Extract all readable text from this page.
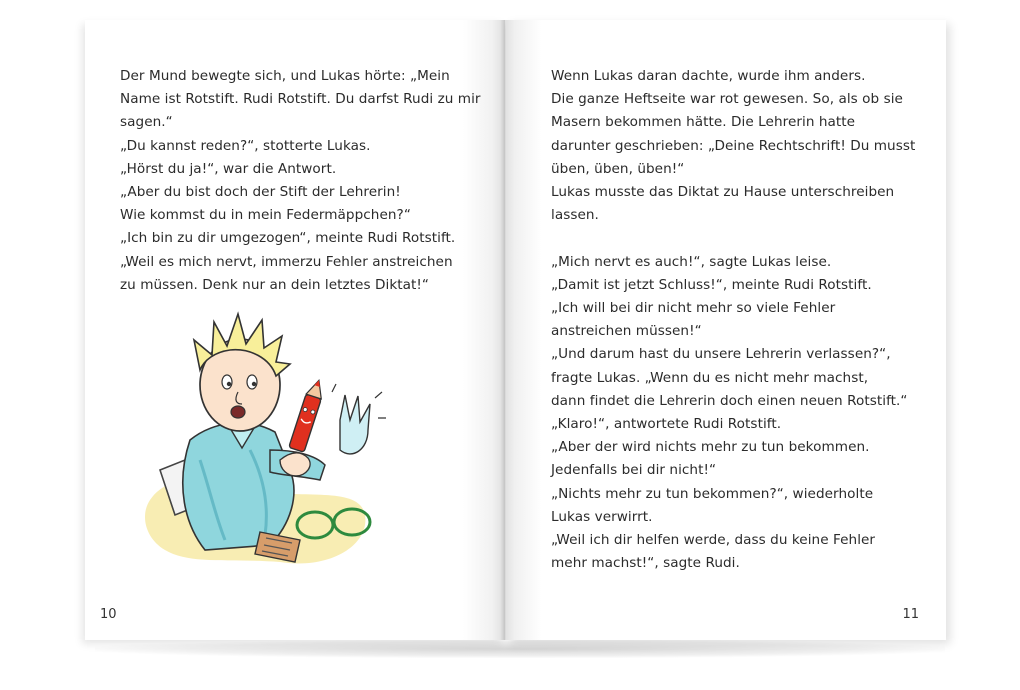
Der Mund bewegte sich, und Lukas hörte: „Mein
Name ist Rotstift. Rudi Rotstift. Du darfst Rudi zu mir
sagen.“
„Du kannst reden?“, stotterte Lukas.
„Hörst du ja!“, war die Antwort.
„Aber du bist doch der Stift der Lehrerin!
Wie kommst du in mein Federmäppchen?“
„Ich bin zu dir umgezogen“, meinte Rudi Rotstift.
„Weil es mich nervt, immerzu Fehler anstreichen
zu müssen. Denk nur an dein letztes Diktat!“
10
Wenn Lukas daran dachte, wurde ihm anders.
Die ganze Heftseite war rot gewesen. So, als ob sie
Masern bekommen hätte. Die Lehrerin hatte
darunter geschrieben: „Deine Rechtschrift! Du musst
üben, üben, üben!“
Lukas musste das Diktat zu Hause unterschreiben
lassen.
„Mich nervt es auch!“, sagte Lukas leise.
„Damit ist jetzt Schluss!“, meinte Rudi Rotstift.
„Ich will bei dir nicht mehr so viele Fehler
anstreichen müssen!“
„Und darum hast du unsere Lehrerin verlassen?“,
fragte Lukas. „Wenn du es nicht mehr machst,
dann findet die Lehrerin doch einen neuen Rotstift.“
„Klaro!“, antwortete Rudi Rotstift.
„Aber der wird nichts mehr zu tun bekommen.
Jedenfalls bei dir nicht!“
„Nichts mehr zu tun bekommen?“, wiederholte
Lukas verwirrt.
„Weil ich dir helfen werde, dass du keine Fehler
mehr machst!“, sagte Rudi.
11
